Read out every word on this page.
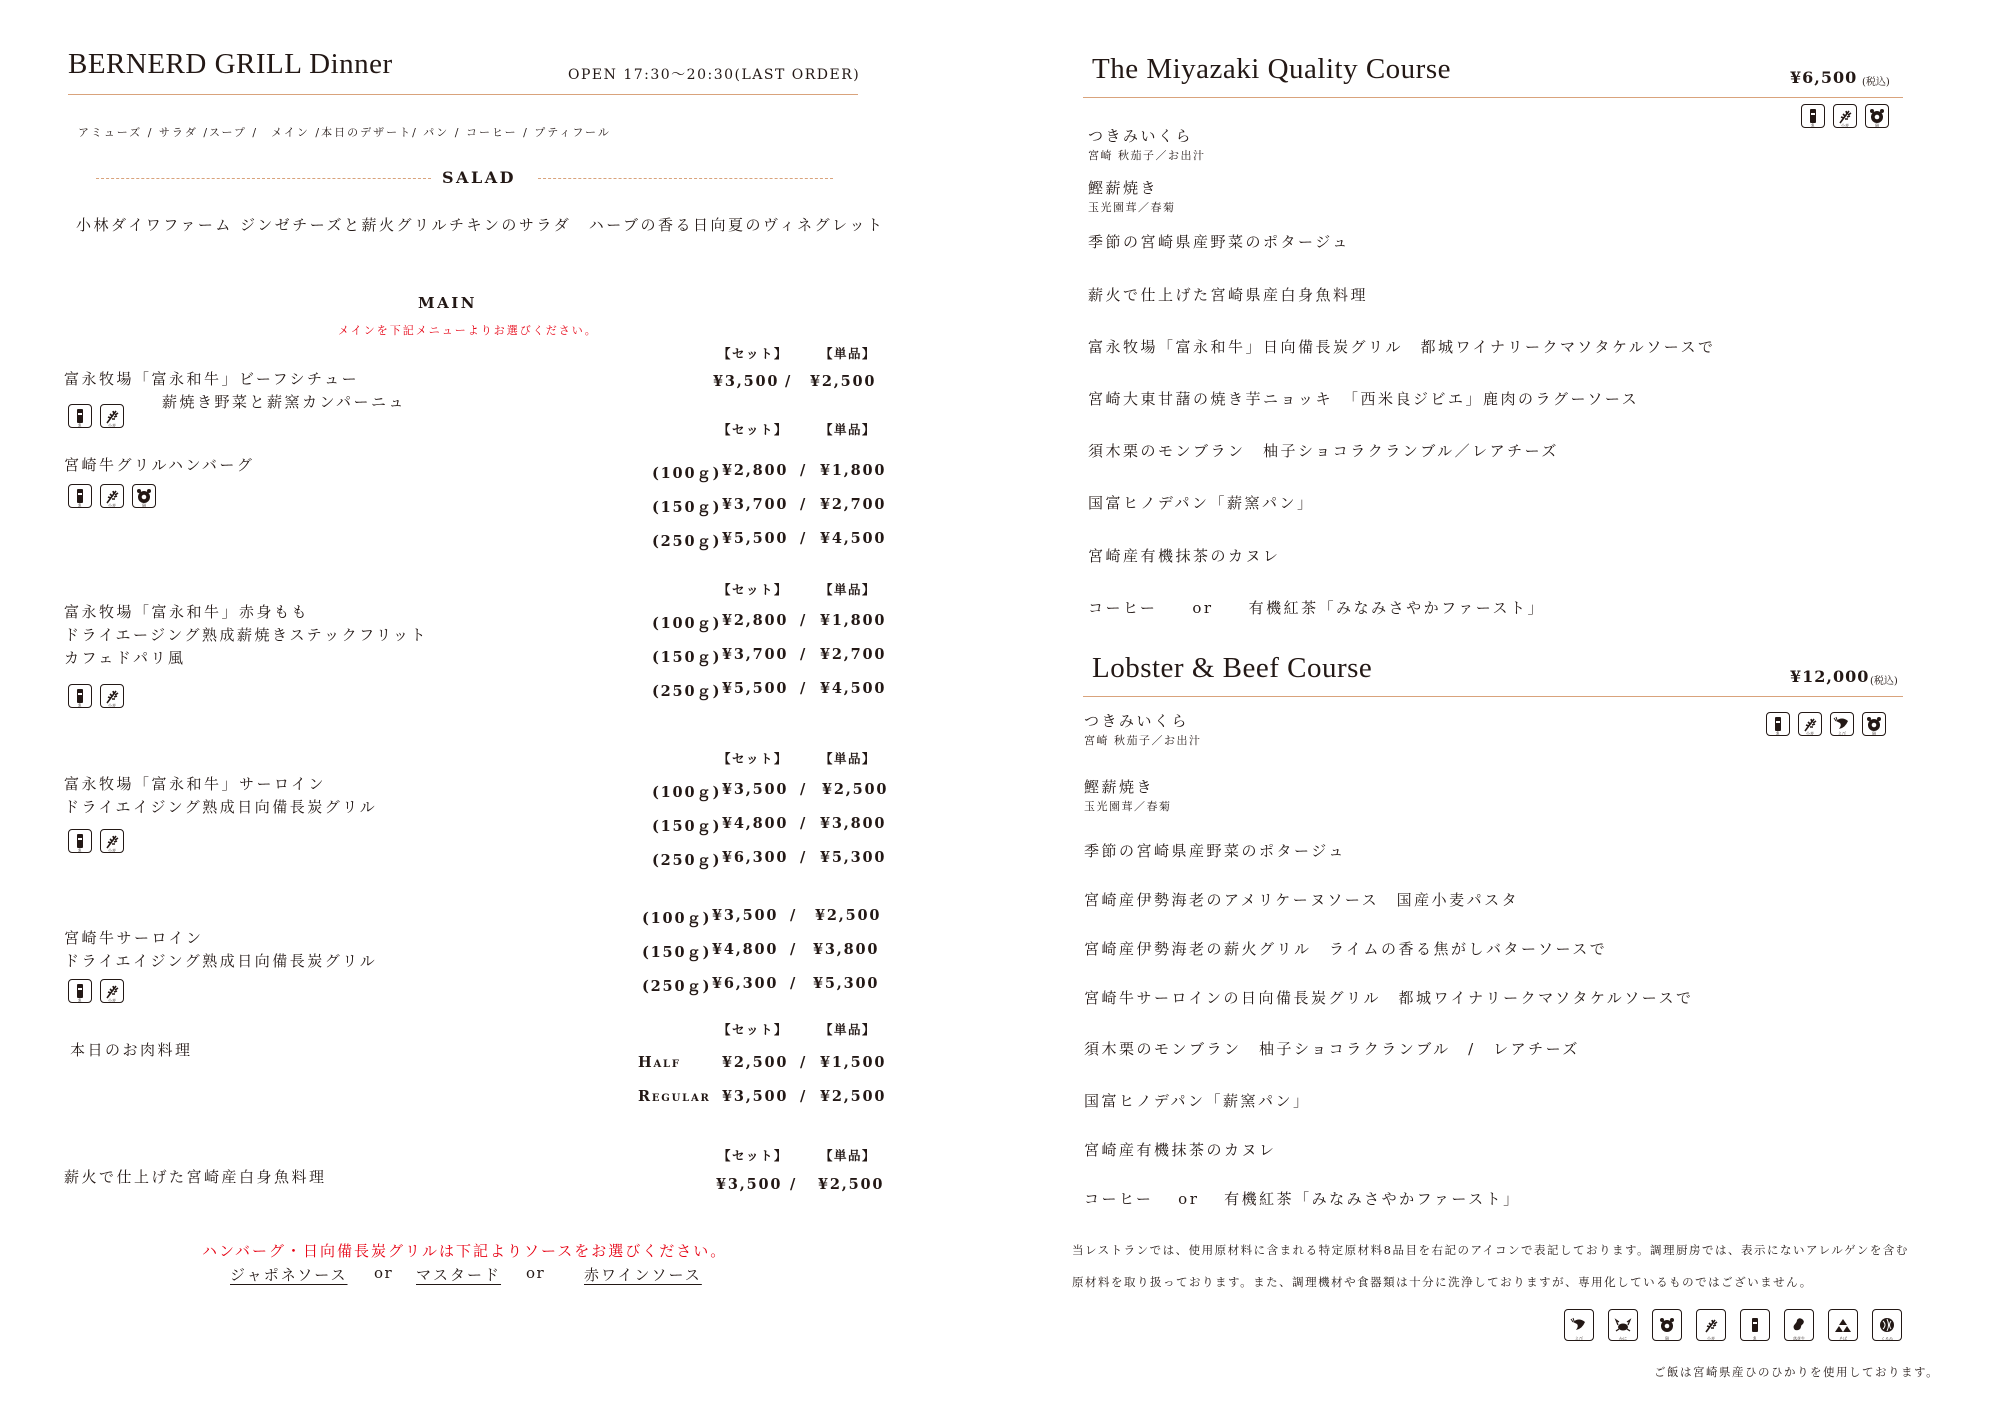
BERNERD GRILL Dinner	OPEN 17:30〜20:30(LAST ORDER)
アミューズ / サラダ /スープ /　メイン /本日のデザート/ パン / コーヒー / プティフール
SALAD
小林ダイワファーム ジンゼチーズと薪火グリルチキンのサラダ　ハーブの香る日向夏のヴィネグレット
MAIN
メインを下記メニューよりお選びください。
【セット】	【単品】
富永牧場「富永和牛」ビーフシチュー
薪焼き野菜と薪窯カンパーニュ
¥3,500 / ¥2,500
乳	小麦	【セット】	【単品】
宮崎牛グリルハンバーグ
乳	小麦	卵
(100ｇ) ¥2,800 / ¥1,800
(150ｇ) ¥3,700 / ¥2,700
(250ｇ) ¥5,500 / ¥4,500
【セット】	【単品】
富永牧場「富永和牛」赤身もも
ドライエージング熟成薪焼きステックフリット
カフェドパリ風
乳	小麦
(100ｇ) ¥2,800 / ¥1,800
(150ｇ) ¥3,700 / ¥2,700
(250ｇ) ¥5,500 / ¥4,500
【セット】	【単品】
富永牧場「富永和牛」サーロイン
ドライエイジング熟成日向備長炭グリル
乳	小麦
(100ｇ) ¥3,500 / ¥2,500
(150ｇ) ¥4,800 / ¥3,800
(250ｇ) ¥6,300 / ¥5,300
宮崎牛サーロイン
ドライエイジング熟成日向備長炭グリル
乳	小麦
(100ｇ) ¥3,500 / ¥2,500
(150ｇ) ¥4,800 / ¥3,800
(250ｇ) ¥6,300 / ¥5,300
【セット】	【単品】
本日のお肉料理
Half	¥2,500 / ¥1,500
Regular ¥3,500 / ¥2,500
【セット】	【単品】
薪火で仕上げた宮崎産白身魚料理	¥3,500 / ¥2,500
ハンバーグ・日向備長炭グリルは下記よりソースをお選びください。
ジャポネソース or マスタード or	赤ワインソース
The Miyazaki Quality Course	¥6,500 (税込)
乳	小麦	卵
つきみいくら
宮崎 秋茄子／お出汁
鰹薪焼き
玉光園茸／春菊
季節の宮崎県産野菜のポタージュ
薪火で仕上げた宮崎県産白身魚料理
富永牧場「富永和牛」日向備長炭グリル　都城ワイナリークマソタケルソースで
宮崎大東甘藷の焼き芋ニョッキ　「西米良ジビエ」鹿肉のラグーソース
須木栗のモンブラン　柚子ショコラクランブル／レアチーズ
国富ヒノデパン「薪窯パン」
宮崎産有機抹茶のカヌレ
コーヒー　　or　　有機紅茶「みなみさやかファースト」
Lobster & Beef Course	¥12,000 (税込)
乳	小麦	えび	卵
つきみいくら
宮崎 秋茄子／お出汁
鰹薪焼き
玉光園茸／春菊
季節の宮崎県産野菜のポタージュ
宮崎産伊勢海老のアメリケーヌソース　国産小麦パスタ
宮崎産伊勢海老の薪火グリル　ライムの香る焦がしバターソースで
宮崎牛サーロインの日向備長炭グリル　都城ワイナリークマソタケルソースで
須木栗のモンブラン　柚子ショコラクランブル　/　レアチーズ
国富ヒノデパン「薪窯パン」
宮崎産有機抹茶のカヌレ
コーヒー　 or　 有機紅茶「みなみさやかファースト」
当レストランでは、使用原材料に含まれる特定原材料8品目を右記のアイコンで表記しております。調理厨房では、表示にないアレルゲンを含む
原材料を取り扱っております。また、調理機材や食器類は十分に洗浄しておりますが、専用化しているものではございません。
えび	かに	卵	小麦	乳	落花生	そば	くるみ
ご飯は宮崎県産ひのひかりを使用しております。
